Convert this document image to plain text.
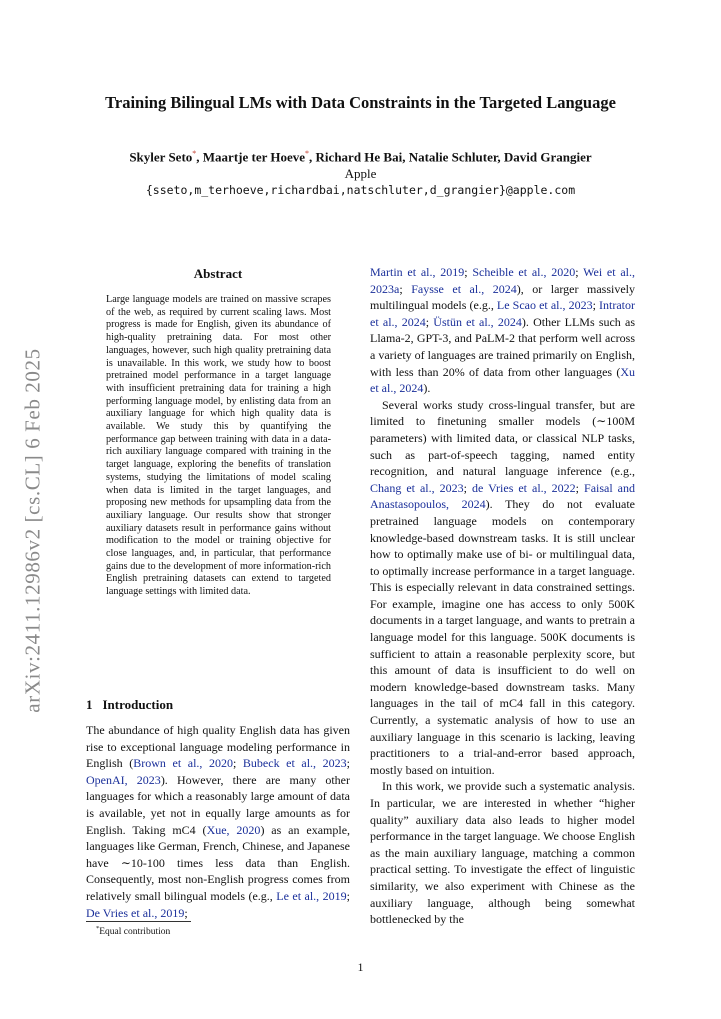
arXiv:2411.12986v2 [cs.CL] 6 Feb 2025
Training Bilingual LMs with Data Constraints in the Targeted Language
Skyler Seto*, Maartje ter Hoeve*, Richard He Bai, Natalie Schluter, David Grangier
Apple
{sseto,m_terhoeve,richardbai,natschluter,d_grangier}@apple.com
Abstract

Large language models are trained on massive scrapes of the web, as required by current scaling laws. Most progress is made for English, given its abundance of high-quality pretraining data. For most other languages, however, such high quality pretraining data is unavailable. In this work, we study how to boost pretrained model performance in a target language with insufficient pretraining data for training a high performing language model, by enlisting data from an auxiliary language for which high quality data is available. We study this by quantifying the performance gap between training with data in a data-rich auxiliary language compared with training in the target language, exploring the benefits of translation systems, studying the limitations of model scaling when data is limited in the target languages, and proposing new methods for upsampling data from the auxiliary language. Our results show that stronger auxiliary datasets result in performance gains without modification to the model or training objective for close languages, and, in particular, that performance gains due to the development of more information-rich English pretraining datasets can extend to targeted language settings with limited data.

1 Introduction

The abundance of high quality English data has given rise to exceptional language modeling performance in English (Brown et al., 2020; Bubeck et al., 2023; OpenAI, 2023). However, there are many other languages for which a reasonably large amount of data is available, yet not in equally large amounts as for English. Taking mC4 (Xue, 2020) as an example, languages like German, French, Chinese, and Japanese have ∼10-100 times less data than English. Consequently, most non-English progress comes from relatively small bilingual models (e.g., Le et al., 2019; De Vries et al., 2019;

*Equal contribution

Martin et al., 2019; Scheible et al., 2020; Wei et al., 2023a; Faysse et al., 2024), or larger massively multilingual models (e.g., Le Scao et al., 2023; Intrator et al., 2024; Üstün et al., 2024). Other LLMs such as Llama-2, GPT-3, and PaLM-2 that perform well across a variety of languages are trained primarily on English, with less than 20% of data from other languages (Xu et al., 2024).

Several works study cross-lingual transfer, but are limited to finetuning smaller models (∼100M parameters) with limited data, or classical NLP tasks, such as part-of-speech tagging, named entity recognition, and natural language inference (e.g., Chang et al., 2023; de Vries et al., 2022; Faisal and Anastasopoulos, 2024). They do not evaluate pretrained language models on contemporary knowledge-based downstream tasks. It is still unclear how to optimally make use of bi- or multilingual data, to optimally increase performance in a target language. This is especially relevant in data constrained settings. For example, imagine one has access to only 500K documents in a target language, and wants to pretrain a language model for this language. 500K documents is sufficient to attain a reasonable perplexity score, but this amount of data is insufficient to do well on modern knowledge-based downstream tasks. Many languages in the tail of mC4 fall in this category. Currently, a systematic analysis of how to use an auxiliary language in this scenario is lacking, leaving practitioners to a trial-and-error based approach, mostly based on intuition.

In this work, we provide such a systematic analysis. In particular, we are interested in whether “higher quality” auxiliary data also leads to higher model performance in the target language. We choose English as the main auxiliary language, matching a common practical setting. To investigate the effect of linguistic similarity, we also experiment with Chinese as the auxiliary language, although being somewhat bottlenecked by the

1
